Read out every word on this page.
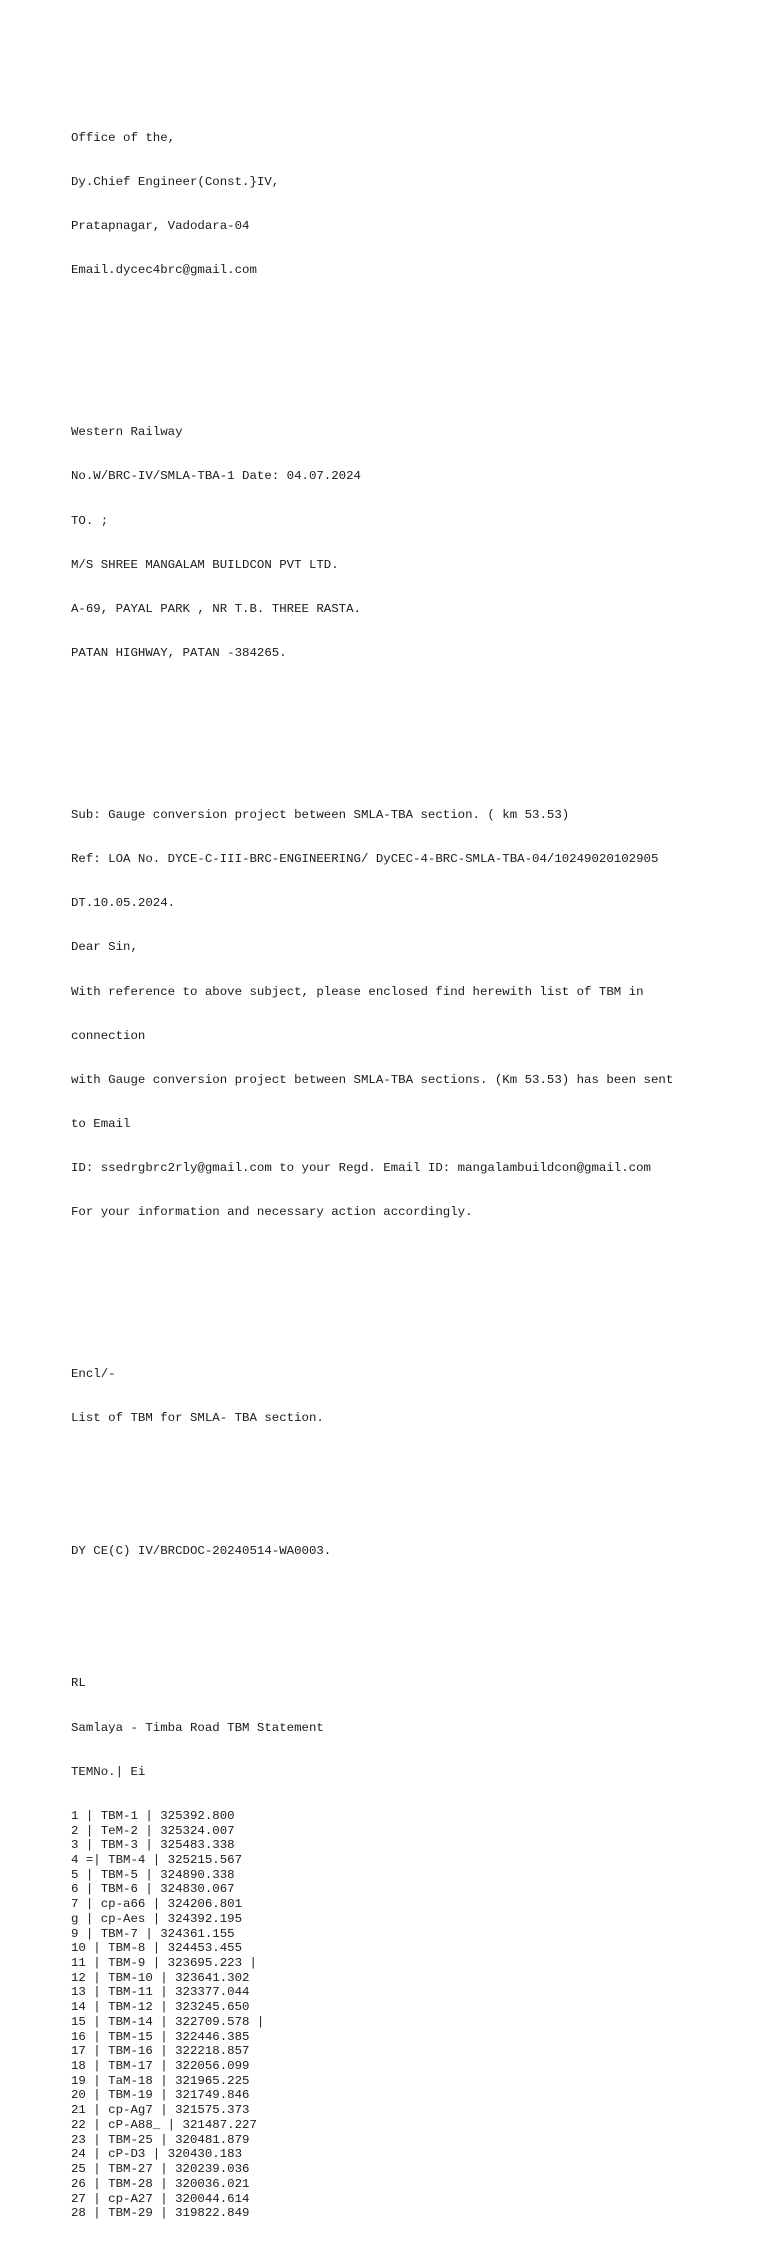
Office of the,

Dy.Chief Engineer(Const.}IV,

Pratapnagar, Vadodara-04

Email.dycec4brc@gmail.com

Western Railway

No.W/BRC-IV/SMLA-TBA-1 Date: 04.07.2024

TO. ;

M/S SHREE MANGALAM BUILDCON PVT LTD.

A-69, PAYAL PARK , NR T.B. THREE RASTA.

PATAN HIGHWAY, PATAN -384265.

Sub: Gauge conversion project between SMLA-TBA section. ( km 53.53)

Ref: LOA No. DYCE-C-III-BRC-ENGINEERING/ DyCEC-4-BRC-SMLA-TBA-04/10249020102905

DT.10.05.2024.

Dear Sin,

With reference to above subject, please enclosed find herewith list of TBM in

connection

with Gauge conversion project between SMLA-TBA sections. (Km 53.53) has been sent

to Email

ID: ssedrgbrc2rly@gmail.com to your Regd. Email ID: mangalambuildcon@gmail.com

For your information and necessary action accordingly.

Encl/-

List of TBM for SMLA- TBA section.

DY CE(C) IV/BRCDOC-20240514-WA0003.

RL

Samlaya - Timba Road TBM Statement

TEMNo.| Ei

1 | TBM-1 | 325392.800
2 | TeM-2 | 325324.007
3 | TBM-3 | 325483.338
4 =| TBM-4 | 325215.567
5 | TBM-5 | 324890.338
6 | TBM-6 | 324830.067
7 | cp-a66 | 324206.801
g | cp-Aes | 324392.195
9 | TBM-7 | 324361.155
10 | TBM-8 | 324453.455
11 | TBM-9 | 323695.223 |
12 | TBM-10 | 323641.302
13 | TBM-11 | 323377.044
14 | TBM-12 | 323245.650
15 | TBM-14 | 322709.578 |
16 | TBM-15 | 322446.385
17 | TBM-16 | 322218.857
18 | TBM-17 | 322056.099
19 | TaM-18 | 321965.225
20 | TBM-19 | 321749.846
21 | cp-Ag7 | 321575.373
22 | cP-A88_ | 321487.227
23 | TBM-25 | 320481.879
24 | cP-D3 | 320430.183
25 | TBM-27 | 320239.036
26 | TBM-28 | 320036.021
27 | cp-A27 | 320044.614
28 | TBM-29 | 319822.849
